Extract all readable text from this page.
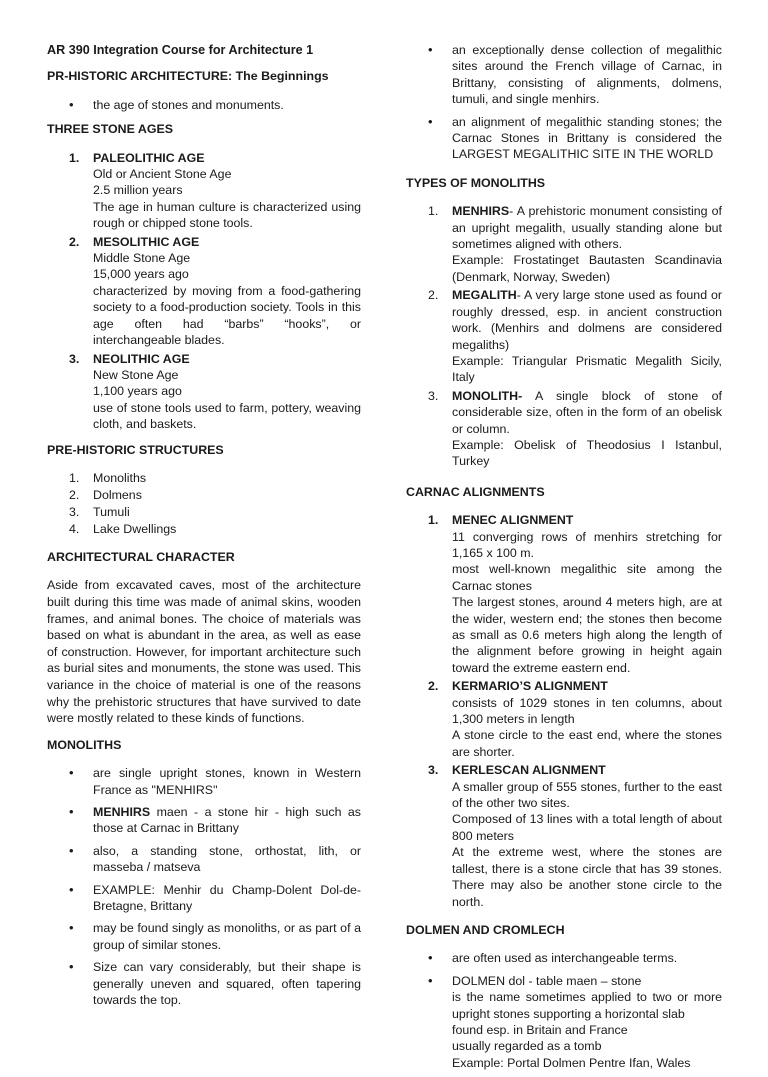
AR 390 Integration Course for Architecture 1
PR-HISTORIC ARCHITECTURE: The Beginnings
• the age of stones and monuments.
THREE STONE AGES
1. PALEOLITHIC AGE
Old or Ancient Stone Age
2.5 million years
The age in human culture is characterized using rough or chipped stone tools.
2. MESOLITHIC AGE
Middle Stone Age
15,000 years ago
characterized by moving from a food-gathering society to a food-production society. Tools in this age often had “barbs” “hooks”, or interchangeable blades.
3. NEOLITHIC AGE
New Stone Age
1,100 years ago
use of stone tools used to farm, pottery, weaving cloth, and baskets.
PRE-HISTORIC STRUCTURES
1. Monoliths
2. Dolmens
3. Tumuli
4. Lake Dwellings
ARCHITECTURAL CHARACTER

Aside from excavated caves, most of the architecture built during this time was made of animal skins, wooden frames, and animal bones. The choice of materials was based on what is abundant in the area, as well as ease of construction. However, for important architecture such as burial sites and monuments, the stone was used. This variance in the choice of material is one of the reasons why the prehistoric structures that have survived to date were mostly related to these kinds of functions.

MONOLITHS
• are single upright stones, known in Western France as "MENHIRS"
• MENHIRS maen - a stone hir - high such as those at Carnac in Brittany
• also, a standing stone, orthostat, lith, or masseba / matseva
• EXAMPLE: Menhir du Champ-Dolent Dol-de-Bretagne, Brittany
• may be found singly as monoliths, or as part of a group of similar stones.
• Size can vary considerably, but their shape is generally uneven and squared, often tapering towards the top.
• an exceptionally dense collection of megalithic sites around the French village of Carnac, in Brittany, consisting of alignments, dolmens, tumuli, and single menhirs.
• an alignment of megalithic standing stones; the Carnac Stones in Brittany is considered the LARGEST MEGALITHIC SITE IN THE WORLD
TYPES OF MONOLITHS
1. MENHIRS- A prehistoric monument consisting of an upright megalith, usually standing alone but sometimes aligned with others.
Example: Frostatinget Bautasten Scandinavia (Denmark, Norway, Sweden)
2. MEGALITH- A very large stone used as found or roughly dressed, esp. in ancient construction work. (Menhirs and dolmens are considered megaliths)
Example: Triangular Prismatic Megalith Sicily, Italy
3. MONOLITH- A single block of stone of considerable size, often in the form of an obelisk or column.
Example: Obelisk of Theodosius I Istanbul, Turkey
CARNAC ALIGNMENTS
1. MENEC ALIGNMENT
11 converging rows of menhirs stretching for 1,165 x 100 m.
most well-known megalithic site among the Carnac stones
The largest stones, around 4 meters high, are at the wider, western end; the stones then become as small as 0.6 meters high along the length of the alignment before growing in height again toward the extreme eastern end.
2. KERMARIO’S ALIGNMENT
consists of 1029 stones in ten columns, about 1,300 meters in length
A stone circle to the east end, where the stones are shorter.
3. KERLESCAN ALIGNMENT
A smaller group of 555 stones, further to the east of the other two sites.
Composed of 13 lines with a total length of about 800 meters
At the extreme west, where the stones are tallest, there is a stone circle that has 39 stones. There may also be another stone circle to the north.
DOLMEN AND CROMLECH
• are often used as interchangeable terms.
• DOLMEN dol - table maen – stone
is the name sometimes applied to two or more upright stones supporting a horizontal slab
found esp. in Britain and France
usually regarded as a tomb
Example: Portal Dolmen Pentre Ifan, Wales
